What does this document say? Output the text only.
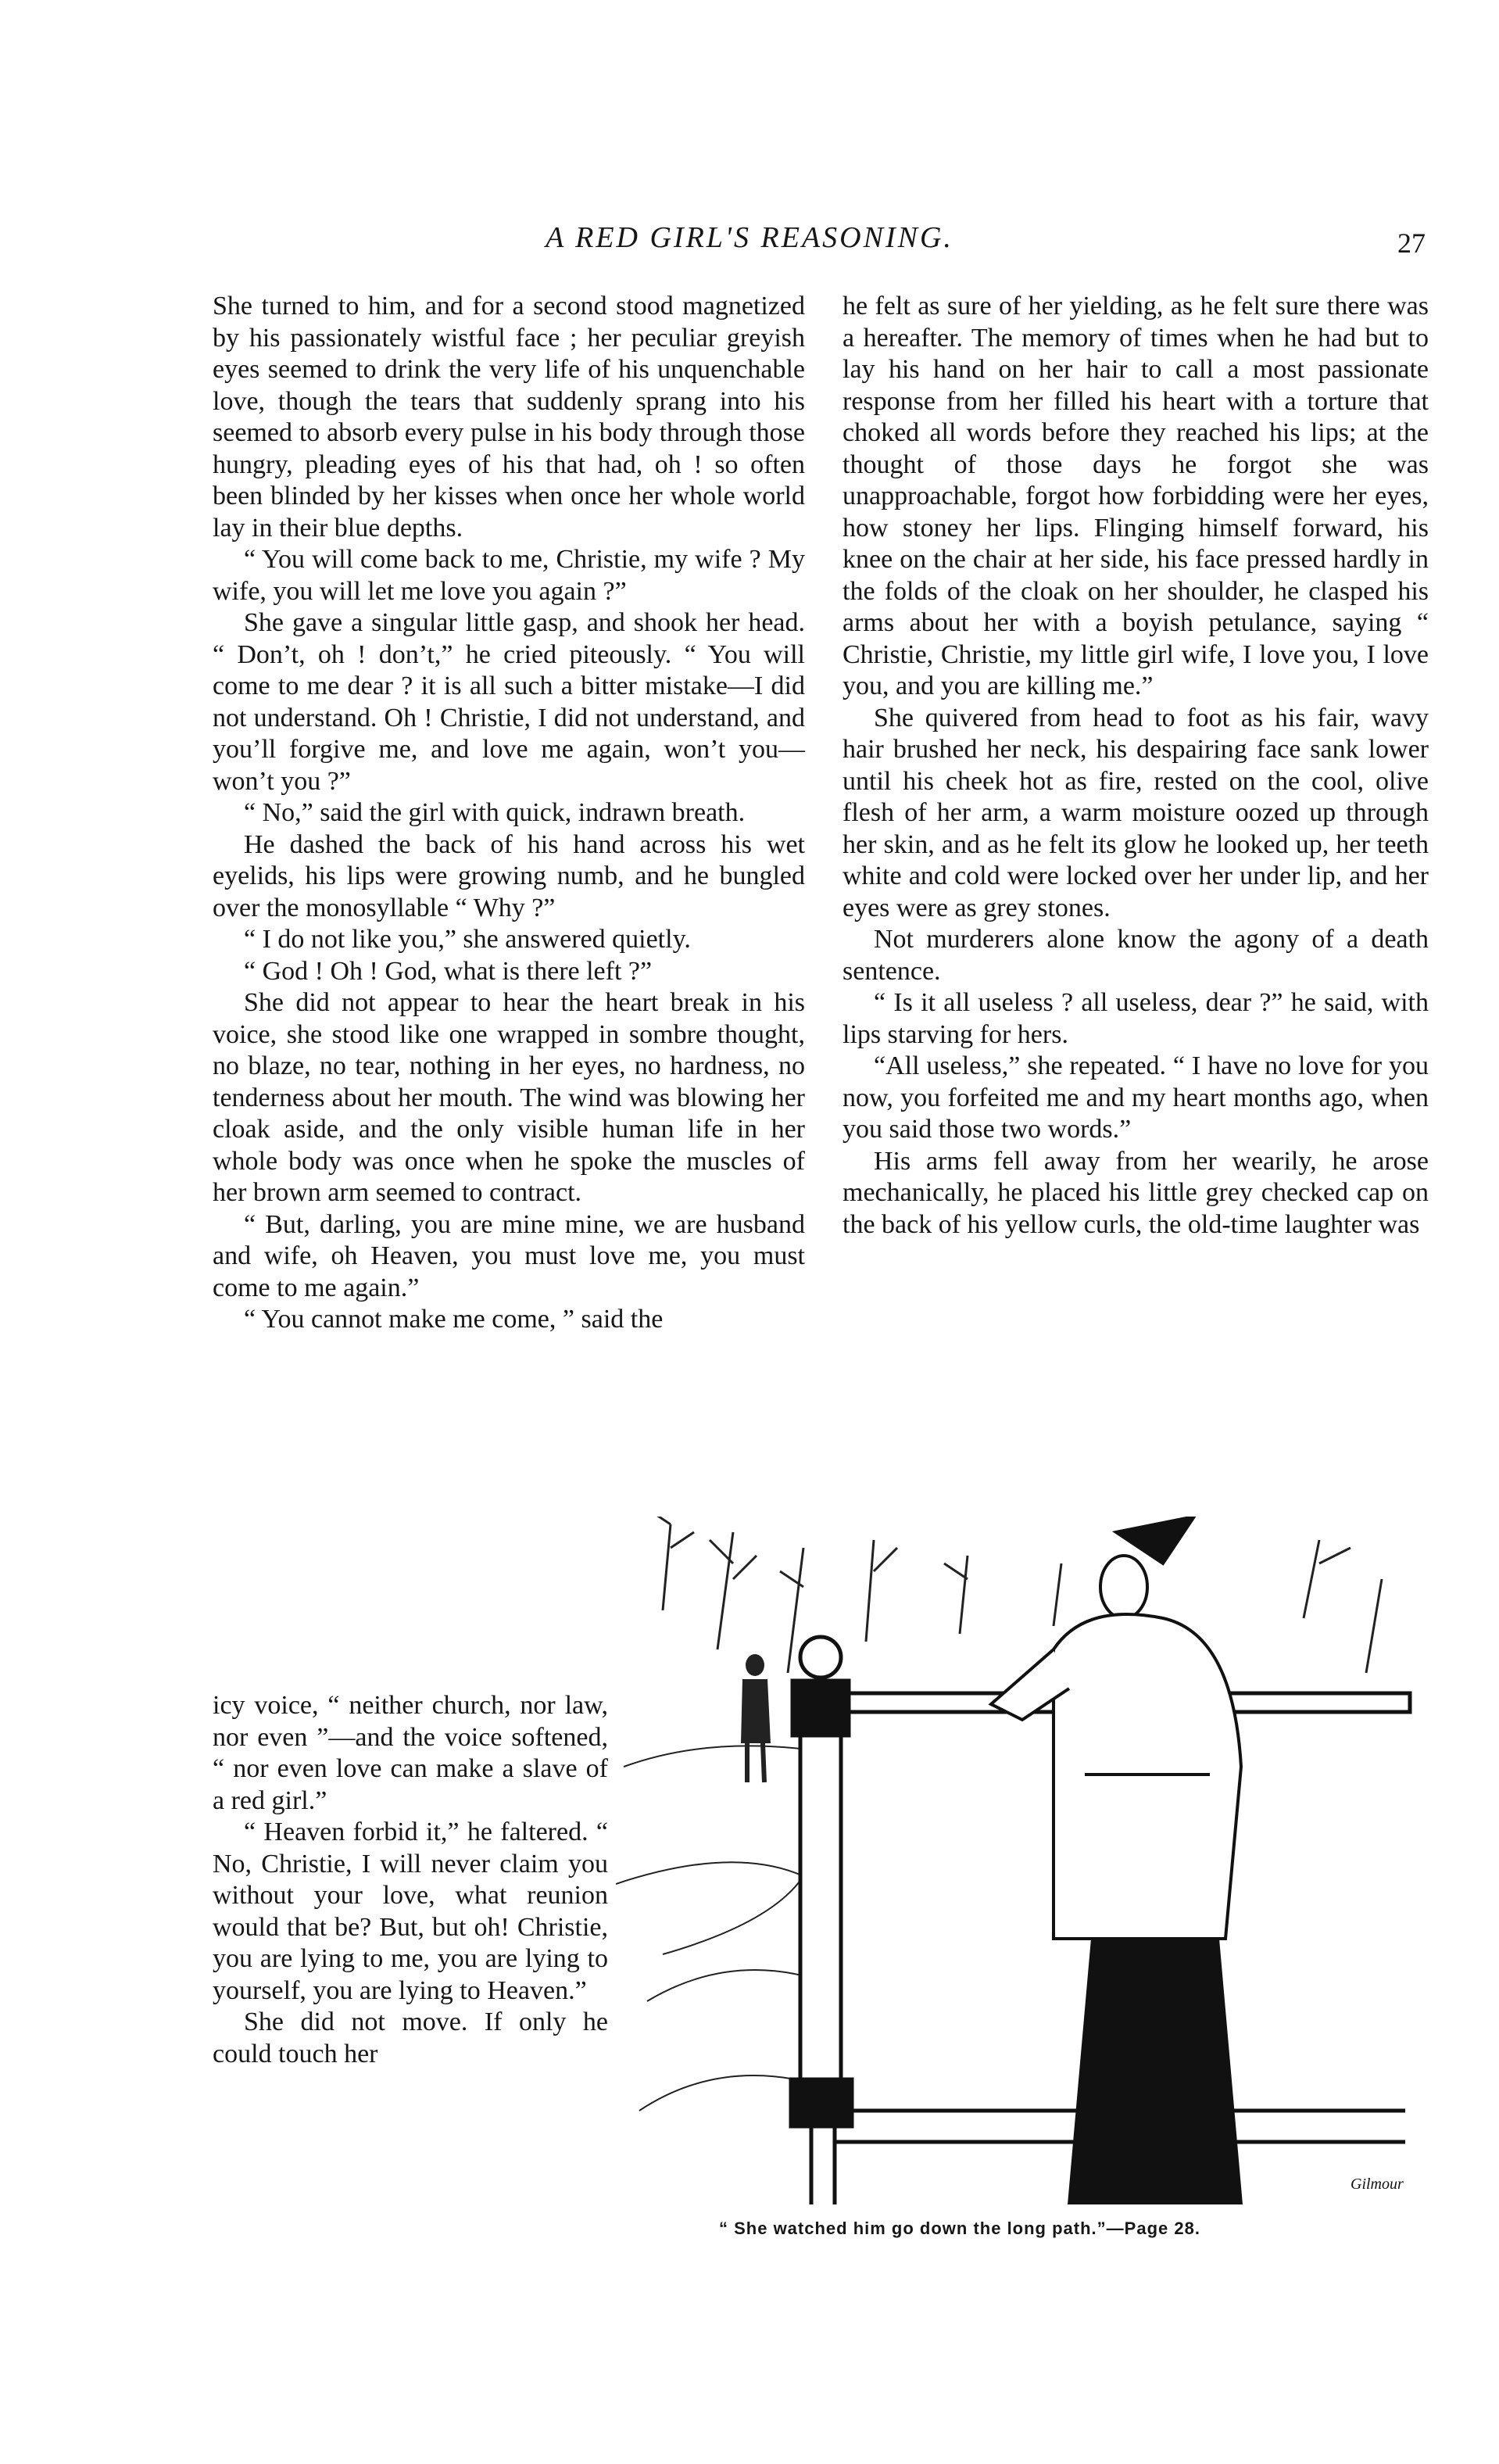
A RED GIRL'S REASONING.	27

She turned to him, and for a second stood magnetized by his passionately wistful face ; her peculiar greyish eyes seemed to drink the very life of his unquenchable love, though the tears that suddenly sprang into his seemed to absorb every pulse in his body through those hungry, pleading eyes of his that had, oh ! so often been blinded by her kisses when once her whole world lay in their blue depths.

“ You will come back to me, Christie, my wife ? My wife, you will let me love you again ?”

She gave a singular little gasp, and shook her head. “ Don’t, oh ! don’t,” he cried piteously. “ You will come to me dear ? it is all such a bitter mistake—I did not understand. Oh ! Christie, I did not understand, and you’ll forgive me, and love me again, won’t you— won’t you ?”

“ No,” said the girl with quick, indrawn breath.

He dashed the back of his hand across his wet eyelids, his lips were growing numb, and he bungled over the monosyllable “ Why ?”

“ I do not like you,” she answered quietly.

“ God ! Oh ! God, what is there left ?”

She did not appear to hear the heart break in his voice, she stood like one wrapped in sombre thought, no blaze, no tear, nothing in her eyes, no hardness, no tenderness about her mouth. The wind was blowing her cloak aside, and the only visible human life in her whole body was once when he spoke the muscles of her brown arm seemed to contract.

“ But, darling, you are mine mine, we are husband and wife, oh Heaven, you must love me, you must come to me again.”

“ You cannot make me come, ” said the

icy voice, “ neither church, nor law, nor even ”—and the voice softened, “ nor even love can make a slave of a red girl.”

“ Heaven forbid it,” he faltered. “ No, Christie, I will never claim you without your love, what reunion would that be? But, but oh! Christie, you are lying to me, you are lying to yourself, you are lying to Heaven.”

She did not move. If only he could touch her

he felt as sure of her yielding, as he felt sure there was a hereafter. The memory of times when he had but to lay his hand on her hair to call a most passionate response from her filled his heart with a torture that choked all words before they reached his lips; at the thought of those days he forgot she was unapproachable, forgot how forbidding were her eyes, how stoney her lips. Flinging himself forward, his knee on the chair at her side, his face pressed hardly in the folds of the cloak on her shoulder, he clasped his arms about her with a boyish petulance, saying “ Christie, Christie, my little girl wife, I love you, I love you, and you are killing me.”

She quivered from head to foot as his fair, wavy hair brushed her neck, his despairing face sank lower until his cheek hot as fire, rested on the cool, olive flesh of her arm, a warm moisture oozed up through her skin, and as he felt its glow he looked up, her teeth white and cold were locked over her under lip, and her eyes were as grey stones.

Not murderers alone know the agony of a death sentence.

“ Is it all useless ? all useless, dear ?” he said, with lips starving for hers.

“All useless,” she repeated. “ I have no love for you now, you forfeited me and my heart months ago, when you said those two words.”

His arms fell away from her wearily, he arose mechanically, he placed his little grey checked cap on the back of his yellow curls, the old-time laughter was

Gilmour
“ She watched him go down the long path.”—Page 28.
